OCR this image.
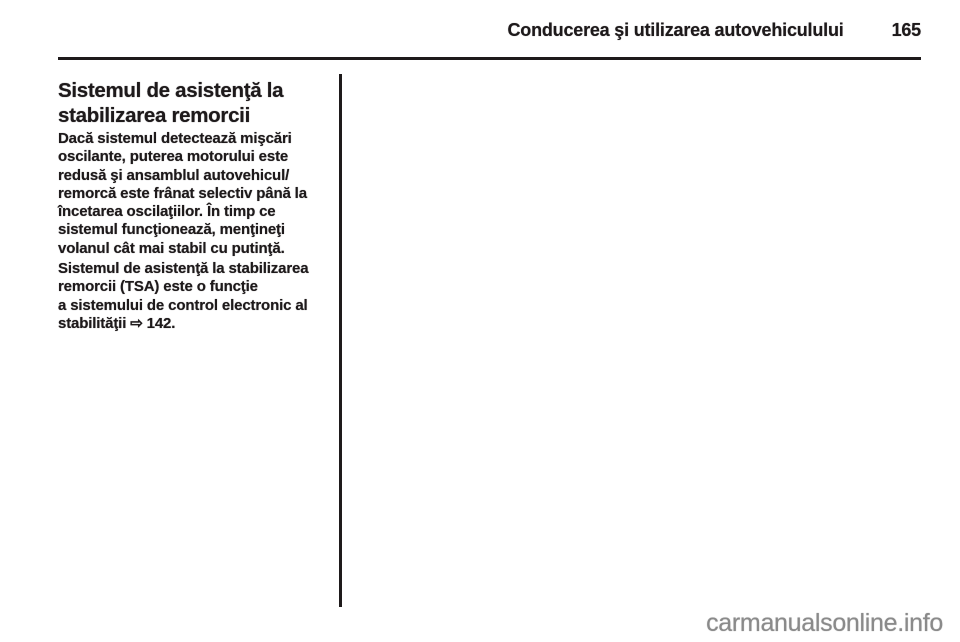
Conducerea şi utilizarea autovehiculului	165
Sistemul de asistenţă la
stabilizarea remorcii
Dacă sistemul detectează mişcări
oscilante, puterea motorului este
redusă şi ansamblul autovehicul/
remorcă este frânat selectiv până la
încetarea oscilaţiilor. În timp ce
sistemul funcţionează, menţineţi
volanul cât mai stabil cu putinţă.
Sistemul de asistenţă la stabilizarea
remorcii (TSA) este o funcţie
a sistemului de control electronic al
stabilităţii ⇨ 142.
carmanualsonline.info
